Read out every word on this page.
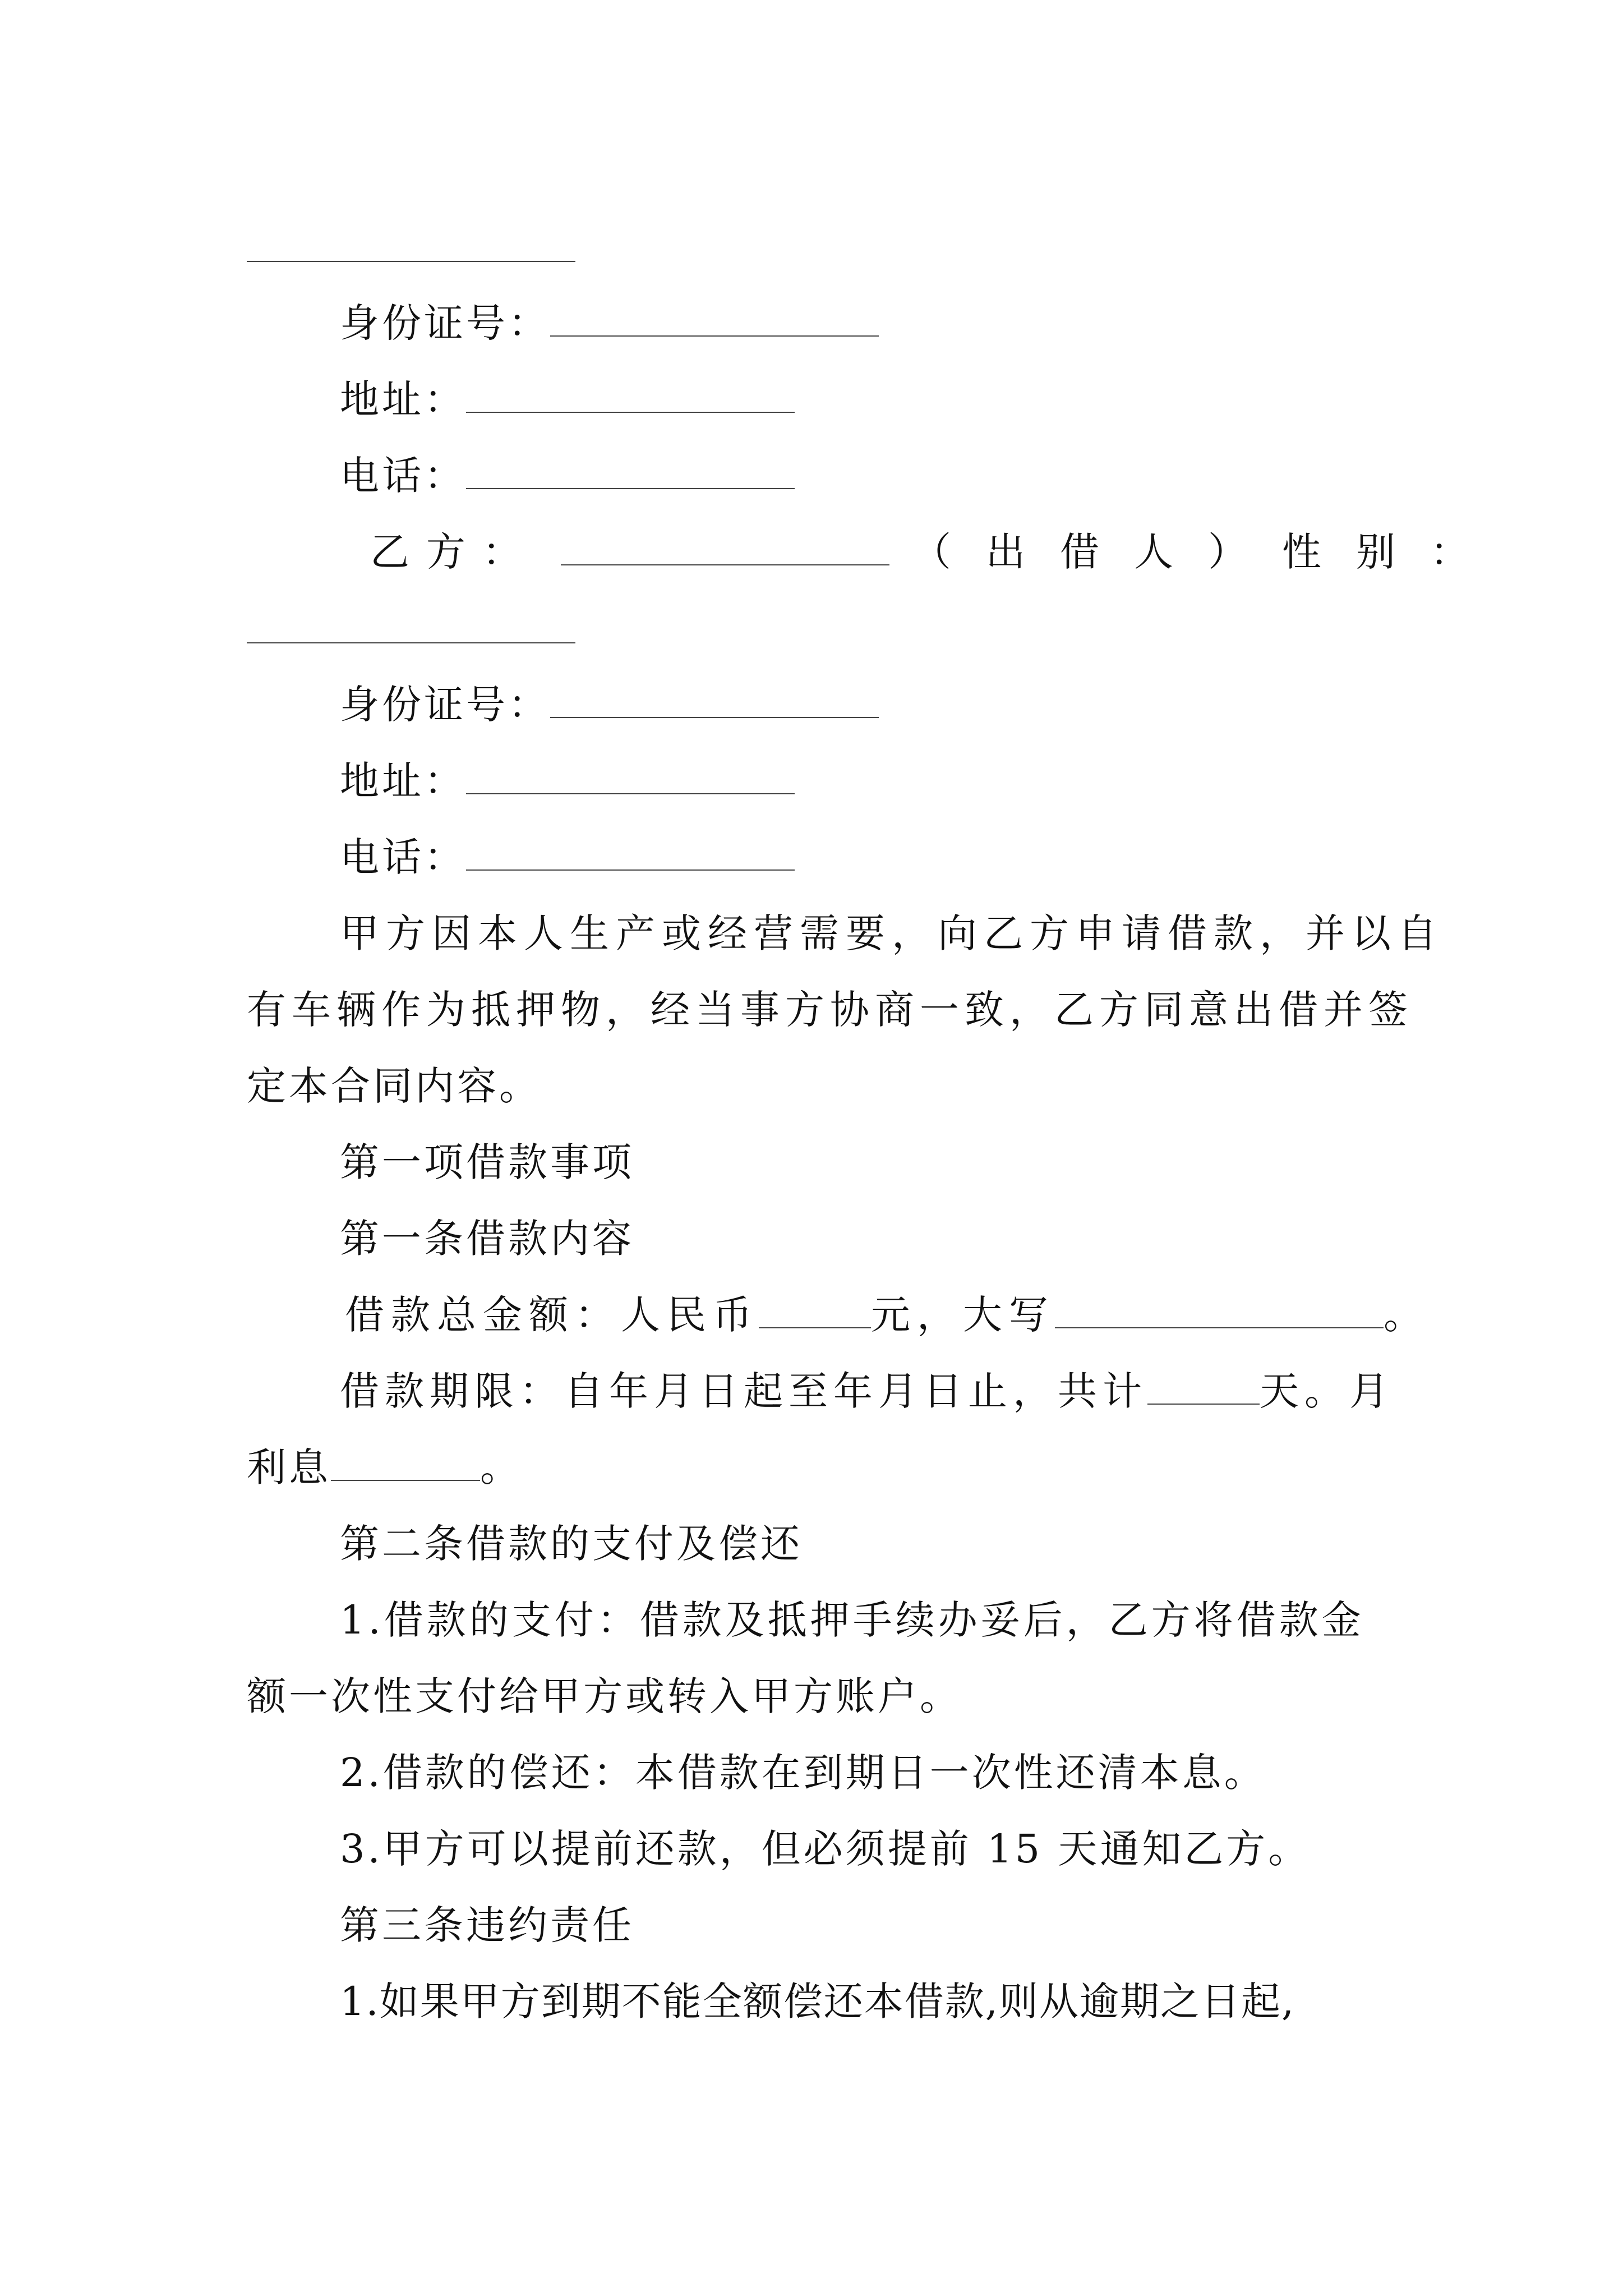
身份证号：
地址：
电话：
乙方：	（出借人）性别：
身份证号：
地址：
电话：
甲方因本人生产或经营需要，向乙方申请借款，并以自
有车辆作为抵押物，经当事方协商一致，乙方同意出借并签
定本合同内容。
第一项借款事项
第一条借款内容
借款总金额：人民币	元，大写	。
借款期限：自年月日起至年月日止，共计	天。月
利息	。
第二条借款的支付及偿还
1.借款的支付：借款及抵押手续办妥后，乙方将借款金
额一次性支付给甲方或转入甲方账户。
2.借款的偿还：本借款在到期日一次性还清本息。
3.甲方可以提前还款，但必须提前 15 天通知乙方。
第三条违约责任
1.如果甲方到期不能全额偿还本借款,则从逾期之日起,
